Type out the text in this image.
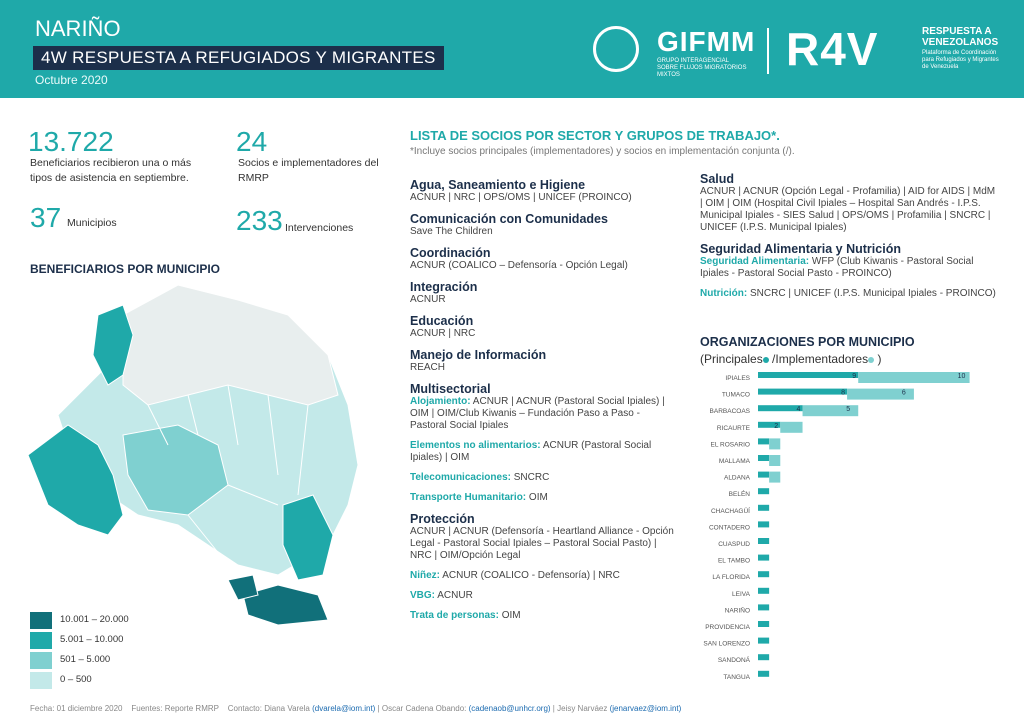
NARIÑO
4W RESPUESTA A REFUGIADOS Y MIGRANTES
Octubre 2020
GIFMM
GRUPO INTERAGENCIAL SOBRE FLUJOS MIGRATORIOS MIXTOS	R4V	RESPUESTA A VENEZOLANOS
Plataforma de Coordinación para Refugiados y Migrantes de Venezuela
13.722
Beneficiarios recibieron una o más tipos de asistencia en septiembre.
24
Socios e implementadores del RMRP
37 Municipios	233 Intervenciones
BENEFICIARIOS POR MUNICIPIO
10.001 – 20.000
5.001 – 10.000
501 – 5.000
0 – 500
LISTA DE SOCIOS POR SECTOR Y GRUPOS DE TRABAJO*.
*Incluye socios principales (implementadores) y socios en implementación conjunta (/).
Agua, Saneamiento e Higiene
ACNUR | NRC | OPS/OMS | UNICEF (PROINCO)
Comunicación con Comunidades
Save The Children
Coordinación
ACNUR (COALICO – Defensoría - Opción Legal)
Integración
ACNUR
Educación
ACNUR | NRC
Manejo de Información
REACH
Multisectorial
Alojamiento: ACNUR | ACNUR (Pastoral Social Ipiales) | OIM | OIM/Club Kiwanis – Fundación Paso a Paso - Pastoral Social Ipiales
Elementos no alimentarios: ACNUR (Pastoral Social Ipiales) | OIM
Telecomunicaciones: SNCRC
Transporte Humanitario: OIM
Protección
ACNUR | ACNUR (Defensoría - Heartland Alliance - Opción Legal - Pastoral Social Ipiales – Pastoral Social Pasto) | NRC | OIM/Opción Legal
Niñez: ACNUR (COALICO - Defensoría) | NRC
VBG: ACNUR
Trata de personas: OIM
Salud
ACNUR | ACNUR (Opción Legal - Profamilia) | AID for AIDS | MdM | OIM | OIM (Hospital Civil Ipiales – Hospital San Andrés - I.P.S. Municipal Ipiales - SIES Salud | OPS/OMS | Profamilia | SNCRC | UNICEF (I.P.S. Municipal Ipiales)
Seguridad Alimentaria y Nutrición
Seguridad Alimentaria: WFP (Club Kiwanis - Pastoral Social Ipiales - Pastoral Social Pasto - PROINCO)
Nutrición: SNCRC | UNICEF (I.P.S. Municipal Ipiales - PROINCO)
ORGANIZACIONES POR MUNICIPIO
(Principales /Implementadores )
IPIALES
TUMACO
BARBACOAS
RICAURTE
EL ROSARIO
MALLAMA
ALDANA
BELÉN
CHACHAGÜÍ
CONTADERO
CUASPUD
EL TAMBO
LA FLORIDA
LEIVA
NARIÑO
PROVIDENCIA
SAN LORENZO
SANDONÁ
TANGUA
9	10
8	6
4	5
2
Fecha: 01 diciembre 2020 Fuentes: Reporte RMRP Contacto: Diana Varela (dvarela@iom.int) | Oscar Cadena Obando: (cadenaob@unhcr.org) | Jeisy Narváez (jenarvaez@iom.int)
